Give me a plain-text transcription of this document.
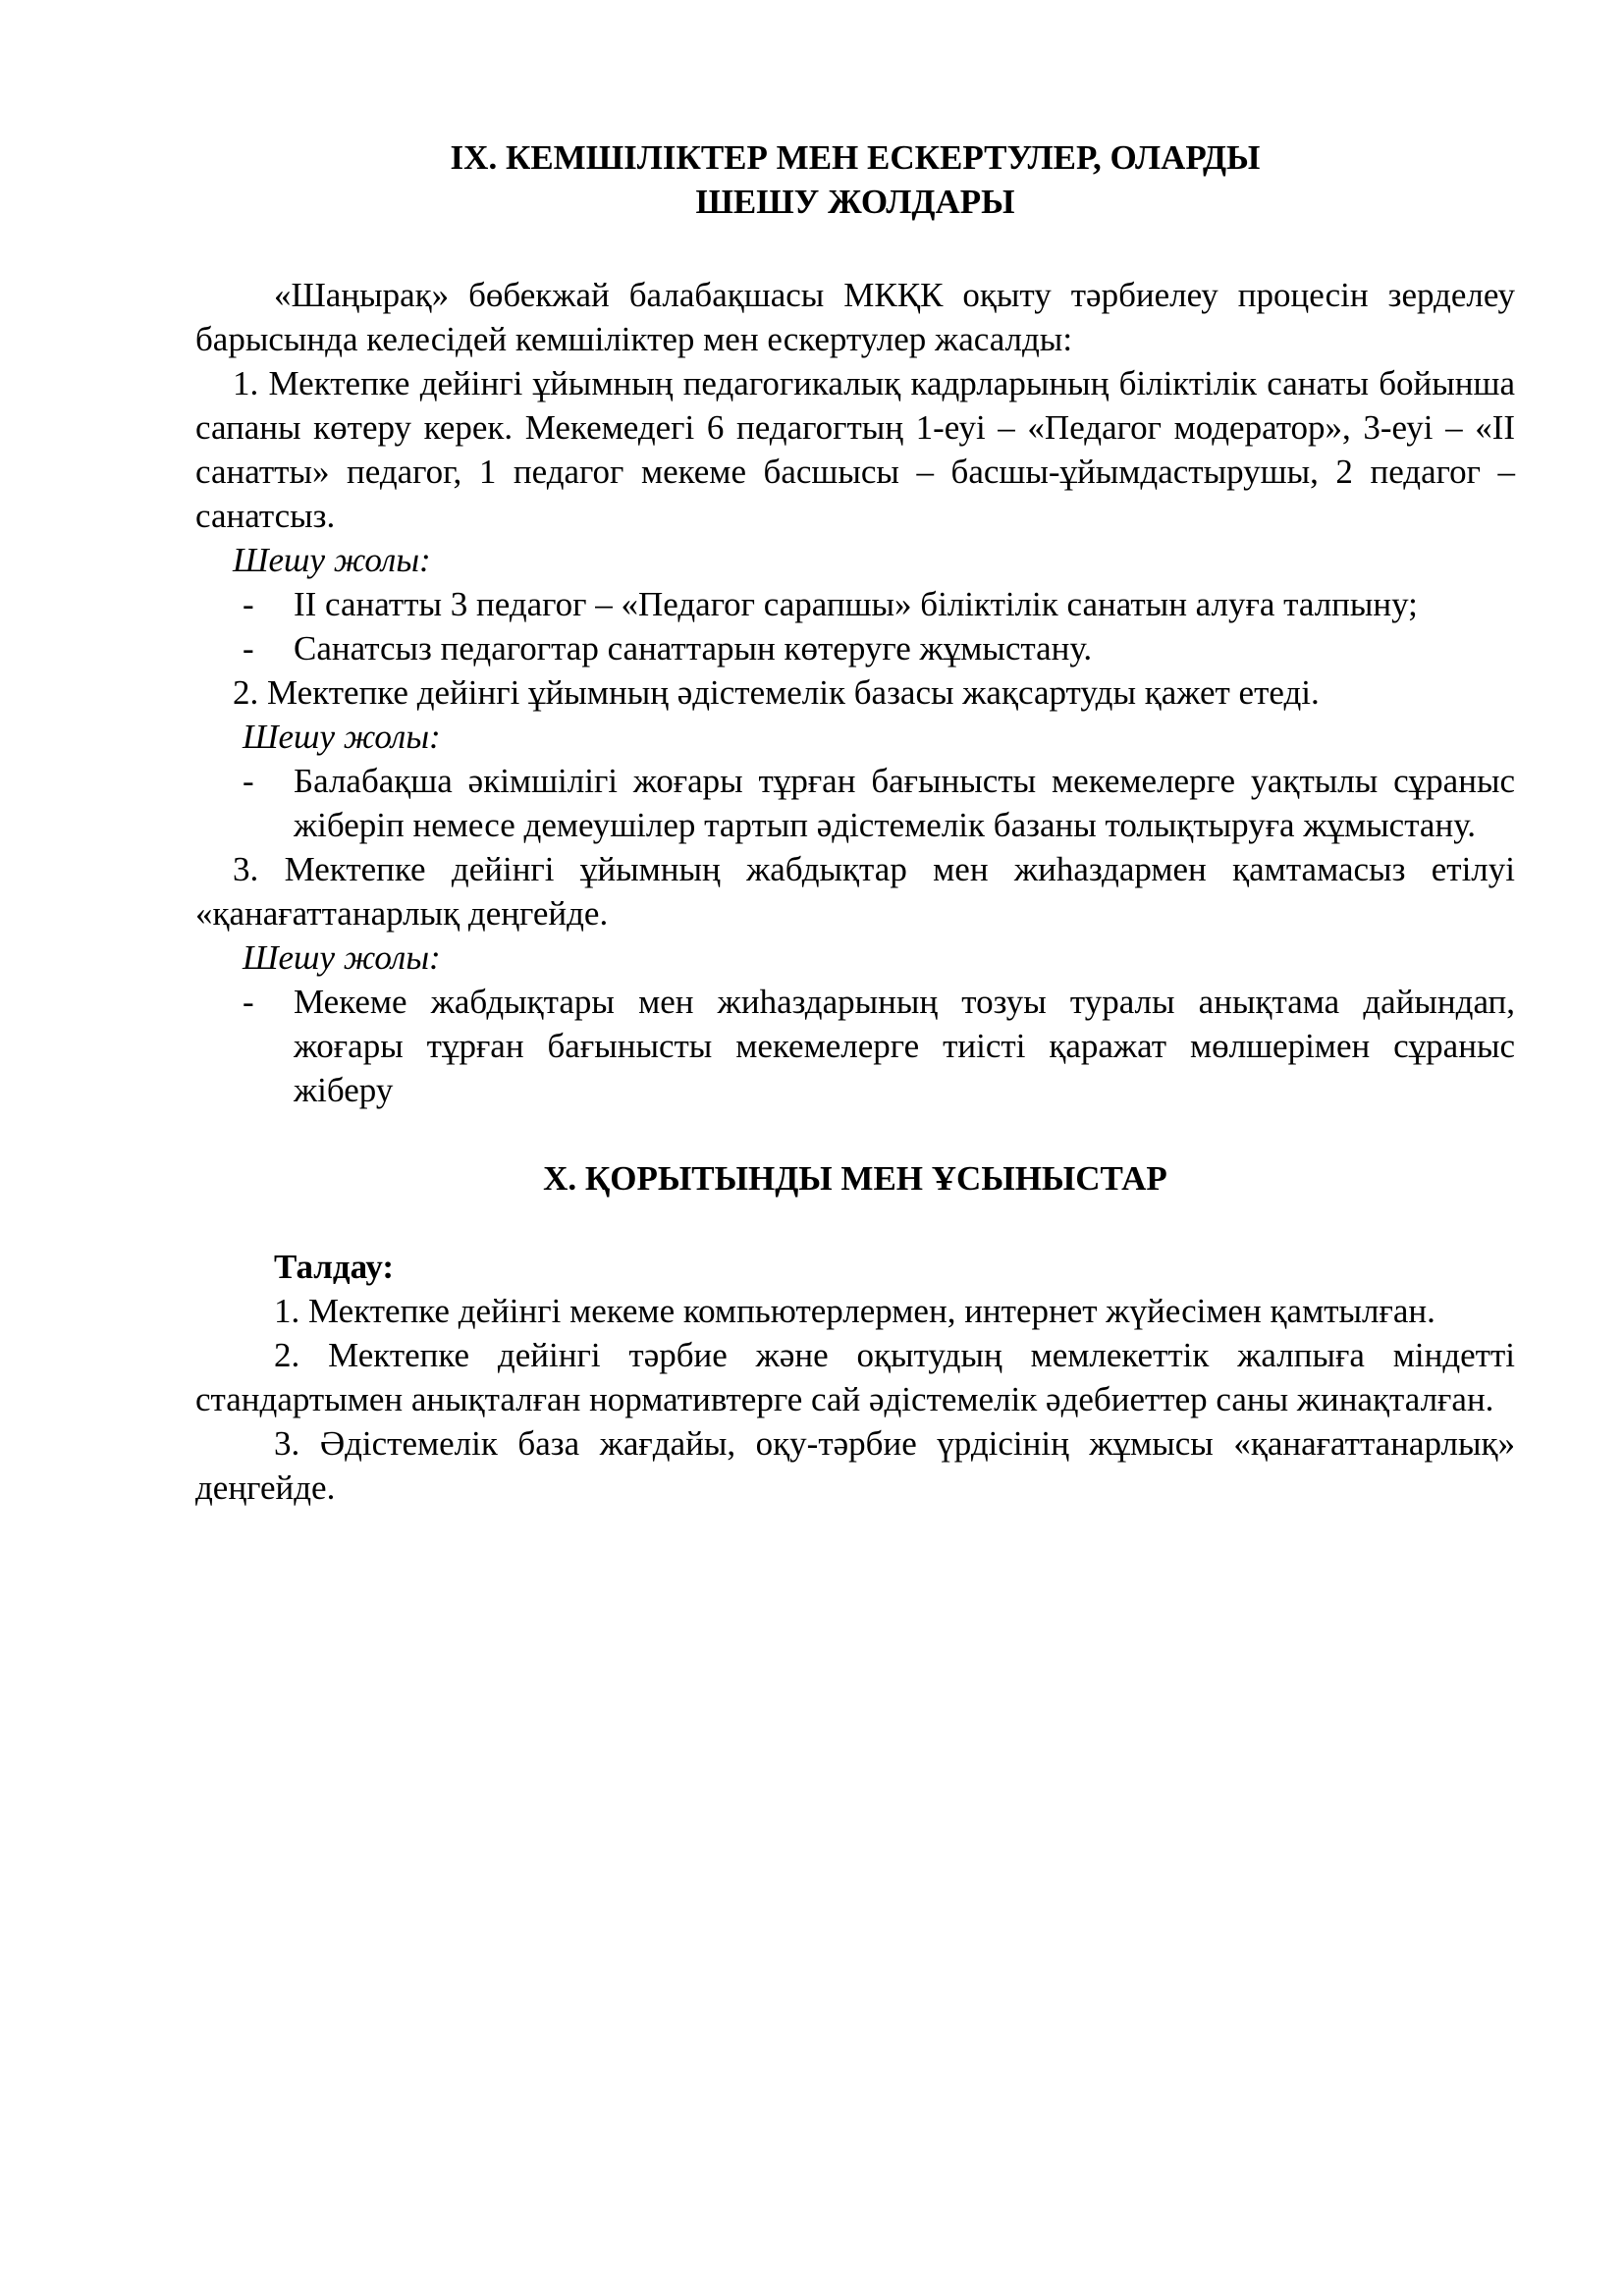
IX. КЕМШІЛІКТЕР МЕН ЕСКЕРТУЛЕР, ОЛАРДЫ
ШЕШУ ЖОЛДАРЫ

«Шаңырақ» бөбекжай балабақшасы МКҚК оқыту тәрбиелеу процесін зерделеу барысында келесідей кемшіліктер мен ескертулер жасалды:

1. Мектепке дейінгі ұйымның педагогикалық кадрларының біліктілік санаты бойынша сапаны көтеру керек. Мекемедегі 6 педагогтың 1-еуі – «Педагог модератор», 3-еуі – «II санатты» педагог, 1 педагог мекеме басшысы – басшы-ұйымдастырушы, 2 педагог – санатсыз.

Шешу жолы:

- II санатты 3 педагог – «Педагог сарапшы» біліктілік санатын алуға талпыну;
- Санатсыз педагогтар санаттарын көтеруге жұмыстану.

2. Мектепке дейінгі ұйымның әдістемелік базасы жақсартуды қажет етеді.

Шешу жолы:

- Балабақша әкімшілігі жоғары тұрған бағынысты мекемелерге уақтылы сұраныс жіберіп немесе демеушілер тартып әдістемелік базаны толықтыруға жұмыстану.

3. Мектепке дейінгі ұйымның жабдықтар мен жиһаздармен қамтамасыз етілуі «қанағаттанарлық деңгейде.

Шешу жолы:

- Мекеме жабдықтары мен жиһаздарының тозуы туралы анықтама дайындап, жоғары тұрған бағынысты мекемелерге тиісті қаражат мөлшерімен сұраныс жіберу
X. ҚОРЫТЫНДЫ МЕН ҰСЫНЫСТАР

Талдау:

1. Мектепке дейінгі мекеме компьютерлермен, интернет жүйесімен қамтылған.

2. Мектепке дейінгі тәрбие және оқытудың мемлекеттік жалпыға міндетті стандартымен анықталған нормативтерге сай әдістемелік әдебиеттер саны жинақталған.

3. Әдістемелік база жағдайы, оқу-тәрбие үрдісінің жұмысы «қанағаттанарлық» деңгейде.
